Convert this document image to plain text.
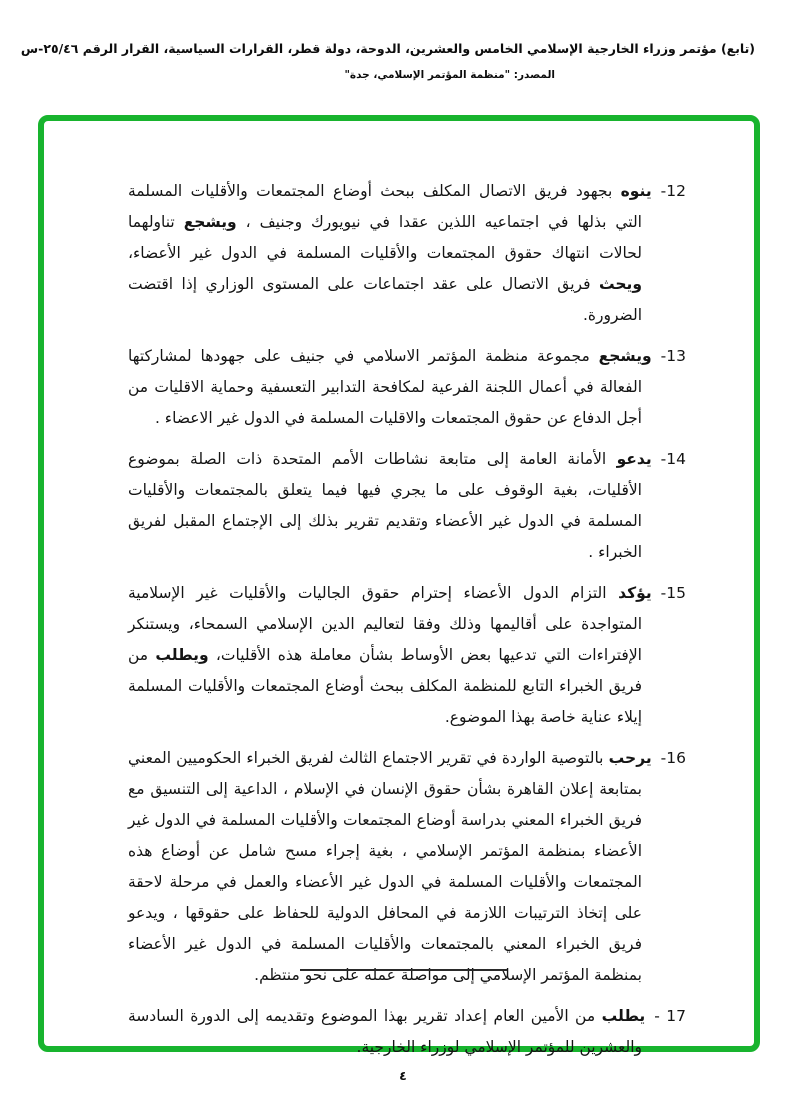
(تابع) مؤتمر وزراء الخارجية الإسلامي الخامس والعشرين، الدوحة، دولة قطر، القرارات السياسية، القرار الرقم ٢٥/٤٦-س
المصدر: "منظمة المؤتمر الإسلامي، جدة"
12-ينوه بجهود فريق الاتصال المكلف ببحث أوضاع المجتمعات والأقليات المسلمة التي بذلها في اجتماعيه اللذين عقدا في نيويورك وجنيف ، ويشجع تناولهما لحالات انتهاك حقوق المجتمعات والأقليات المسلمة في الدول غير الأعضاء، ويحث فريق الاتصال على عقد اجتماعات على المستوى الوزاري إذا اقتضت الضرورة.
13-ويشجع مجموعة منظمة المؤتمر الاسلامي في جنيف على جهودها لمشاركتها الفعالة في أعمال اللجنة الفرعية لمكافحة التدابير التعسفية وحماية الاقليات من أجل الدفاع عن حقوق المجتمعات والاقليات المسلمة في الدول غير الاعضاء .
14-يدعو الأمانة العامة إلى متابعة نشاطات الأمم المتحدة ذات الصلة بموضوع الأقليات، بغية الوقوف على ما يجري فيها فيما يتعلق بالمجتمعات والأقليات المسلمة في الدول غير الأعضاء وتقديم تقرير بذلك إلى الإجتماع المقبل لفريق الخبراء .
15-يؤكد التزام الدول الأعضاء إحترام حقوق الجاليات والأقليات غير الإسلامية المتواجدة على أقاليمها وذلك وفقا لتعاليم الدين الإسلامي السمحاء، ويستنكر الإفتراءات التي تدعيها بعض الأوساط بشأن معاملة هذه الأقليات، ويطلب من فريق الخبراء التابع للمنظمة المكلف ببحث أوضاع المجتمعات والأقليات المسلمة إيلاء عناية خاصة بهذا الموضوع.
16-يرحب بالتوصية الواردة في تقرير الاجتماع الثالث لفريق الخبراء الحكوميين المعني بمتابعة إعلان القاهرة بشأن حقوق الإنسان في الإسلام ، الداعية إلى التنسيق مع فريق الخبراء المعني بدراسة أوضاع المجتمعات والأقليات المسلمة في الدول غير الأعضاء بمنظمة المؤتمر الإسلامي ، بغية إجراء مسح شامل عن أوضاع هذه المجتمعات والأقليات المسلمة في الدول غير الأعضاء والعمل في مرحلة لاحقة على إتخاذ الترتيبات اللازمة في المحافل الدولية للحفاظ على حقوقها ، ويدعو فريق الخبراء المعني بالمجتمعات والأقليات المسلمة في الدول غير الأعضاء بمنظمة المؤتمر الإسلامي إلى مواصلة عمله على نحو منتظم.
17 -يطلب من الأمين العام إعداد تقرير بهذا الموضوع وتقديمه إلى الدورة السادسة والعشرين للمؤتمر الإسلامي لوزراء الخارجية.
٤
